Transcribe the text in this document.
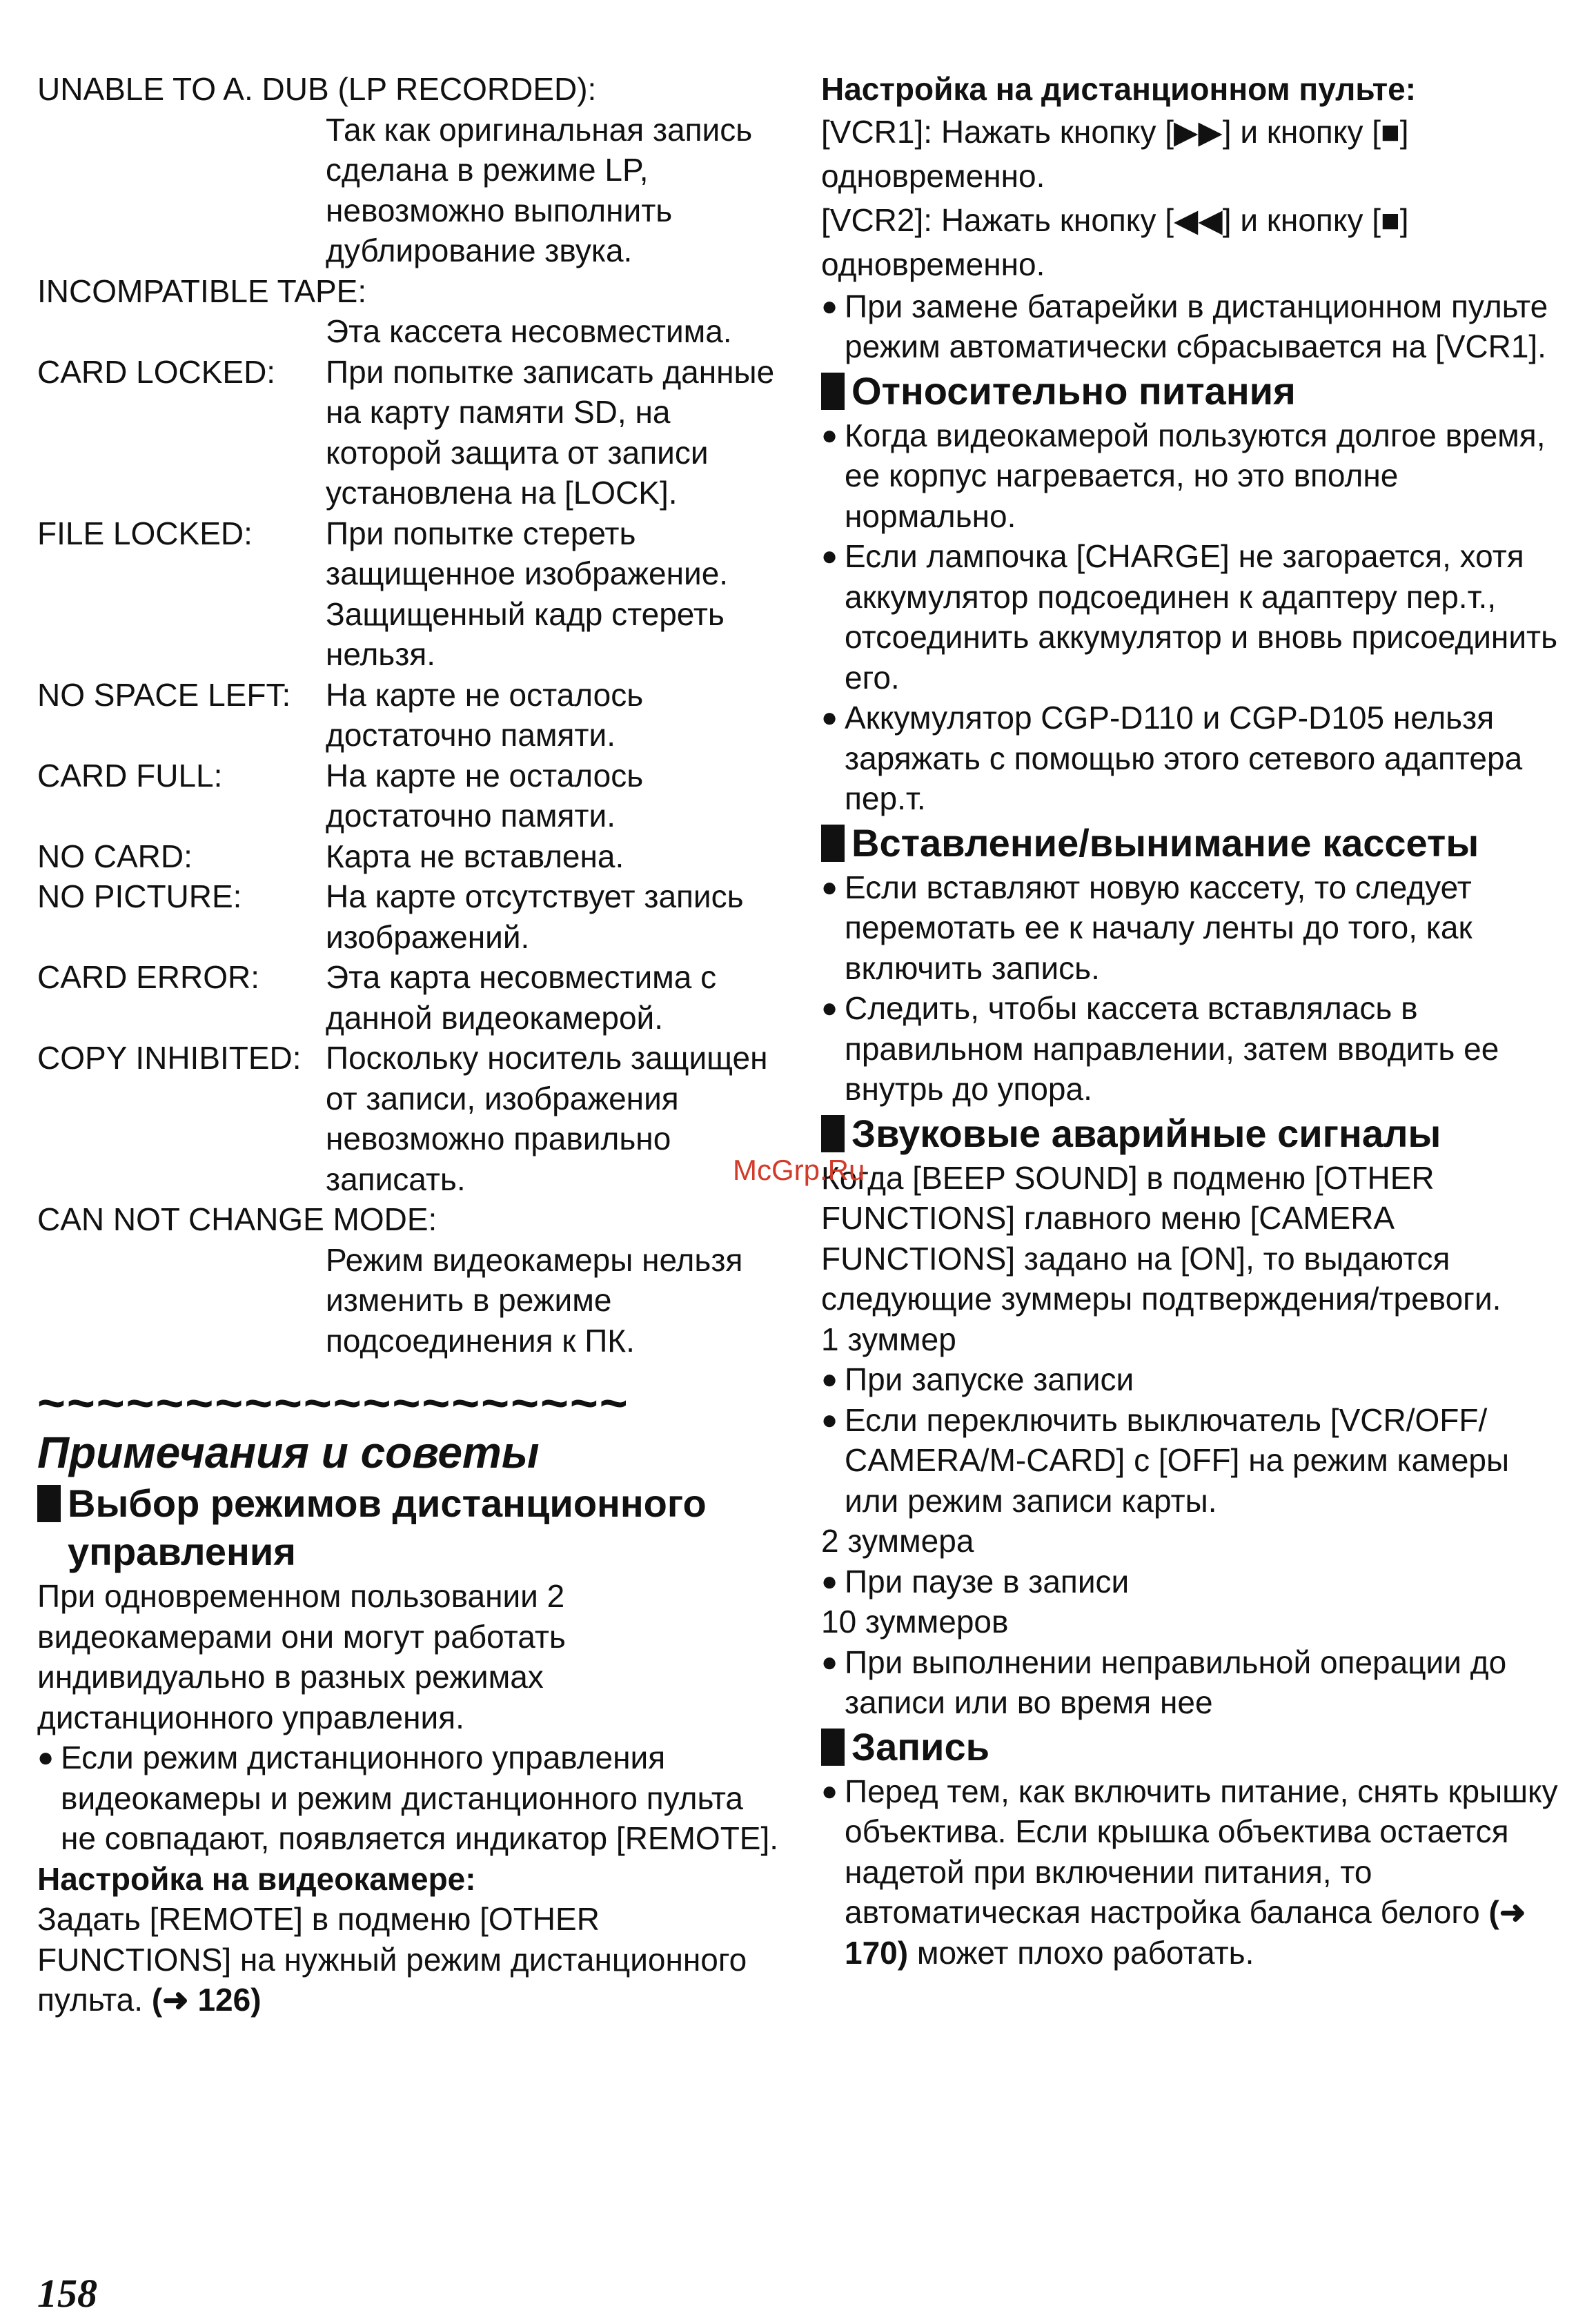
UNABLE TO A. DUB (LP RECORDED):
Так как оригинальная запись сделана в режиме LP, невозможно выполнить дублирование звука.
INCOMPATIBLE TAPE:
Эта кассета несовместима.
CARD LOCKED:	При попытке записать данные на карту памяти SD, на которой защита от записи установлена на [LOCK].
FILE LOCKED:	При попытке стереть защищенное изображение. Защищенный кадр стереть нельзя.
NO SPACE LEFT:	На карте не осталось достаточно памяти.
CARD FULL:	На карте не осталось достаточно памяти.
NO CARD:	Карта не вставлена.
NO PICTURE:	На карте отсутствует запись изображений.
CARD ERROR:	Эта карта несовместима с данной видеокамерой.
COPY INHIBITED: Поскольку носитель защищен от записи, изображения невозможно правильно записать.
CAN NOT CHANGE MODE:
Режим видеокамеры нельзя изменить в режиме подсоединения к ПК.
~~~~~~~~~~~~~~~~~~~~
Примечания и советы
Выбор режимов дистанционного управления
При одновременном пользовании 2 видеокамерами они могут работать индивидуально в разных режимах дистанционного управления.
● Если режим дистанционного управления видеокамеры и режим дистанционного пульта не совпадают, появляется индикатор [REMOTE].
Настройка на видеокамере:
Задать [REMOTE] в подменю [OTHER FUNCTIONS] на нужный режим дистанционного пульта. (➜ 126)
Настройка на дистанционном пульте:
[VCR1]: Нажать кнопку [▶▶] и кнопку [■] одновременно.
[VCR2]: Нажать кнопку [◀◀] и кнопку [■] одновременно.
● При замене батарейки в дистанционном пульте режим автоматически сбрасывается на [VCR1].
Относительно питания
● Когда видеокамерой пользуются долгое время, ее корпус нагревается, но это вполне нормально.
● Если лампочка [CHARGE] не загорается, хотя аккумулятор подсоединен к адаптеру пер.т., отсоединить аккумулятор и вновь присоединить его.
● Аккумулятор CGP-D110 и CGP-D105 нельзя заряжать с помощью этого сетевого адаптера пер.т.
Вставление/вынимание кассеты
● Если вставляют новую кассету, то следует перемотать ее к началу ленты до того, как включить запись.
● Следить, чтобы кассета вставлялась в правильном направлении, затем вводить ее внутрь до упора.
Звуковые аварийные сигналы
Когда [BEEP SOUND] в подменю [OTHER FUNCTIONS] главного меню [CAMERA FUNCTIONS] задано на [ON], то выдаются следующие зуммеры подтверждения/тревоги.
1 зуммер
● При запуске записи
● Если переключить выключатель [VCR/OFF/ CAMERA/M-CARD] с [OFF] на режим камеры или режим записи карты.
2 зуммера
● При паузе в записи
10 зуммеров
● При выполнении неправильной операции до записи или во время нее
Запись
● Перед тем, как включить питание, снять крышку объектива. Если крышка объектива остается надетой при включении питания, то автоматическая настройка баланса белого (➜ 170) может плохо работать.
McGrp.Ru
158
